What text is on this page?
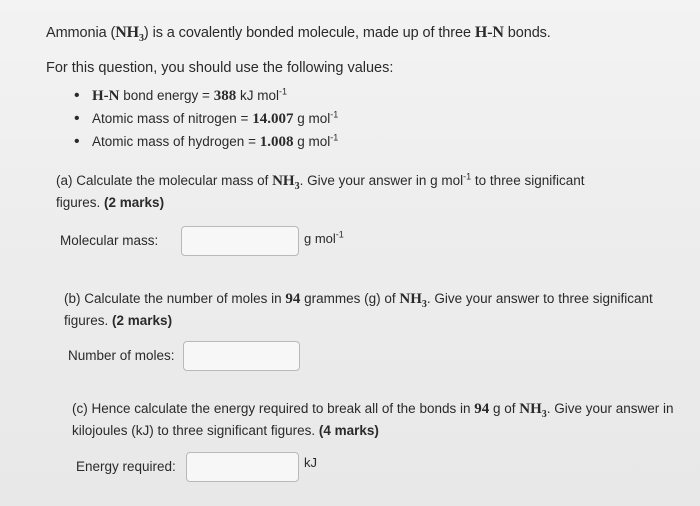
Ammonia $(NH_3)$ is a covalently bonded molecule, made up of three H-N bonds.
For this question, you should use the following values:
• H-N bond energy = 388 kJ mol$^{-1}$
• Atomic mass of nitrogen = 14.007 g mol$^{-1}$
• Atomic mass of hydrogen = 1.008 g mol$^{-1}$
(a) Calculate the molecular mass of $NH_3$. Give your answer in g mol$^{-1}$ to three significant
figures. (2 marks)
Molecular mass:	g mol$^{-1}$
(b) Calculate the number of moles in 94 grammes (g) of $NH_3$. Give your answer to three significant
figures. (2 marks)
Number of moles:
(c) Hence calculate the energy required to break all of the bonds in 94 g of $NH_3$. Give your answer in
kilojoules (kJ) to three significant figures. (4 marks)
Energy required:	kJ
